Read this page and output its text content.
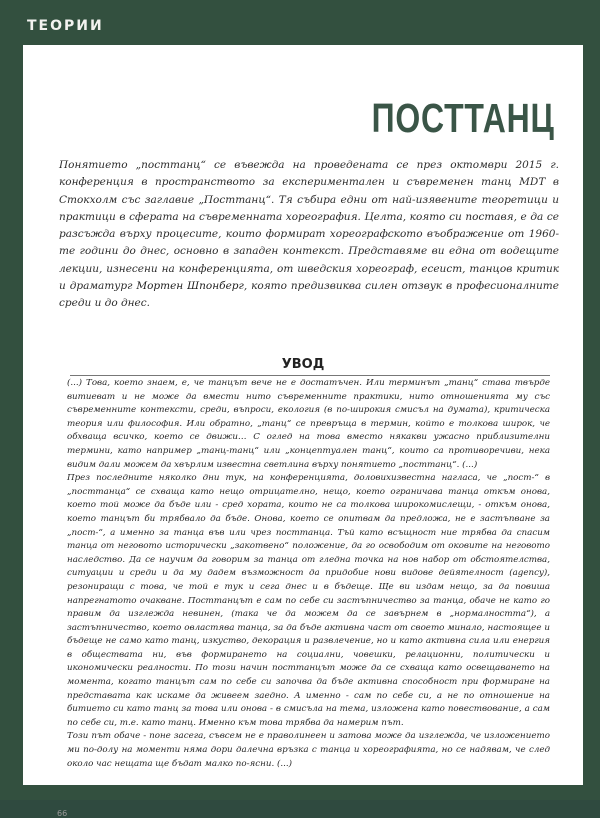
ТЕОРИИ
ПОСТТАНЦ

Понятието „посттанц“ се въвежда на проведената се през октомври 2015 г. конференция в пространството за експериментален и съвременен танц MDT в Стокхолм със заглавие „Посттанц“. Тя събира едни от най-изявените теоретици и практици в сферата на съвременната хореография. Целта, която си поставя, е да се разсъжда върху процесите, които формират хореографското въображение от 1960-те години до днес, основно в западен контекст. Представяме ви една от водещите лекции, изнесени на конференцията, от шведския хореограф, есеист, танцов критик и драматург Мортен Шпонберг, която предизвиква силен отзвук в професионалните среди и до днес.

УВОД

(...) Това, което знаем, е, че танцът вече не е достатъчен. Или терминът „танц“ става твърде витиеват и не може да вмести нито съвременните практики, нито отношенията му със съвременните контексти, среди, въпроси, екология (в по-широкия смисъл на думата), критическа теория или философия. Или обратно, „танц“ се превръща в термин, който е толкова широк, че обхваща всичко, което се движи… С оглед на това вместо някакви ужасно приблизителни термини, като например „танц-танц“ или „концептуален танц“, които са противоречиви, нека видим дали можем да хвърлим известна светлина върху понятието „посттанц“. (...)

През последните няколко дни тук, на конференцията, доловихизвестна нагласа, че „пост-“ в „посттанца“ се схваща като нещо отрицателно, нещо, което ограничава танца откъм онова, което той може да бъде или - сред хората, които не са толкова широкомислещи, - откъм онова, което танцът би трябвало да бъде. Онова, което се опитвам да предложа, не е застъпване за „пост-“, а именно за танца във или чрез посттанца. Тъй като всъщност ние трябва да спасим танца от неговото исторически „закотвено“ положение, да го освободим от оковите на неговото наследство. Да се научим да говорим за танца от гледна точка на нов набор от обстоятелства, ситуации и среди и да му дадем възможност да придобие нови видове дейятелност (agency), резониращи с това, че той е тук и сега днес и в бъдеще. Ще ви издам нещо, за да повиша напрегнатото очакване. Посттанцът е сам по себе си застъпничество за танца, обаче не като го правим да изглежда невинен, (така че да можем да се завърнем в „нормалността“), а застъпничество, което овластява танца, за да бъде активна част от своето минало, настоящее и бъдеще не само като танц, изкуство, декорация и развлечение, но и като активна сила или енергия в обществата ни, във формирането на социални, човешки, релационни, политически и икономически реалности. По този начин посттанцът може да се схваща като освещаването на момента, когато танцът сам по себе си започва да бъде активна способност при формиране на представата как искаме да живеем заедно. А именно - сам по себе си, а не по отношение на битието си като танц за това или онова - в смисъла на тема, изложена като повествование, а сам по себе си, т.е. като танц. Именно към това трябва да намерим път.

Този път обаче - поне засега, съвсем не е праволинеен и затова може да изглежда, че изложението ми по-долу на моменти няма дори далечна връзка с танца и хореографията, но се надявам, че след около час нещата ще бъдат малко по-ясни. (...)

66
